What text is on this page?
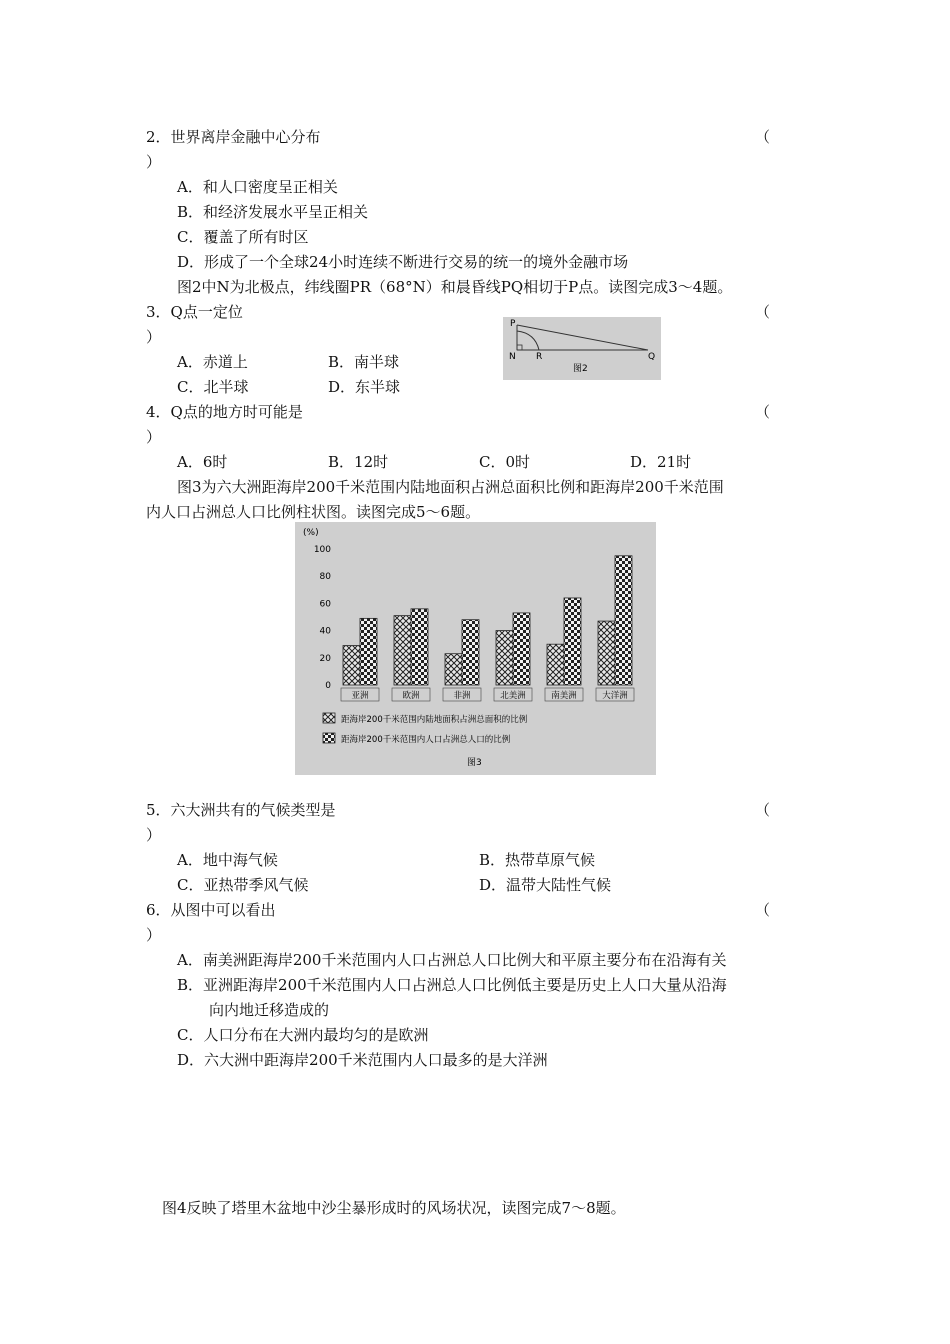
2．世界离岸金融中心分布	（
）
A．和人口密度呈正相关
B．和经济发展水平呈正相关
C．覆盖了所有时区
D．形成了一个全球24小时连续不断进行交易的统一的境外金融市场
图2中N为北极点，纬线圈PR（68°N）和晨昏线PQ相切于P点。读图完成3～4题。
3．Q点一定位	（
）
A．赤道上	B．南半球
C．北半球	D．东半球
P
N R	Q
图2
4．Q点的地方时可能是	（
）
A．6时	B．12时	C．0时	D．21时
图3为六大洲距海岸200千米范围内陆地面积占洲总面积比例和距海岸200千米范围
内人口占洲总人口比例柱状图。读图完成5～6题。
(%)
0
20
40
60
80
100
亚洲	欧洲	非洲	北美洲	南美洲	大洋洲
距海岸200千米范围内陆地面积占洲总面积的比例
距海岸200千米范围内人口占洲总人口的比例
图3
5．六大洲共有的气候类型是	（
）
A．地中海气候	B．热带草原气候
C．亚热带季风气候	D．温带大陆性气候
6．从图中可以看出	（
）
A．南美洲距海岸200千米范围内人口占洲总人口比例大和平原主要分布在沿海有关
B．亚洲距海岸200千米范围内人口占洲总人口比例低主要是历史上人口大量从沿海
向内地迁移造成的
C．人口分布在大洲内最均匀的是欧洲
D．六大洲中距海岸200千米范围内人口最多的是大洋洲
图4反映了塔里木盆地中沙尘暴形成时的风场状况，读图完成7～8题。
